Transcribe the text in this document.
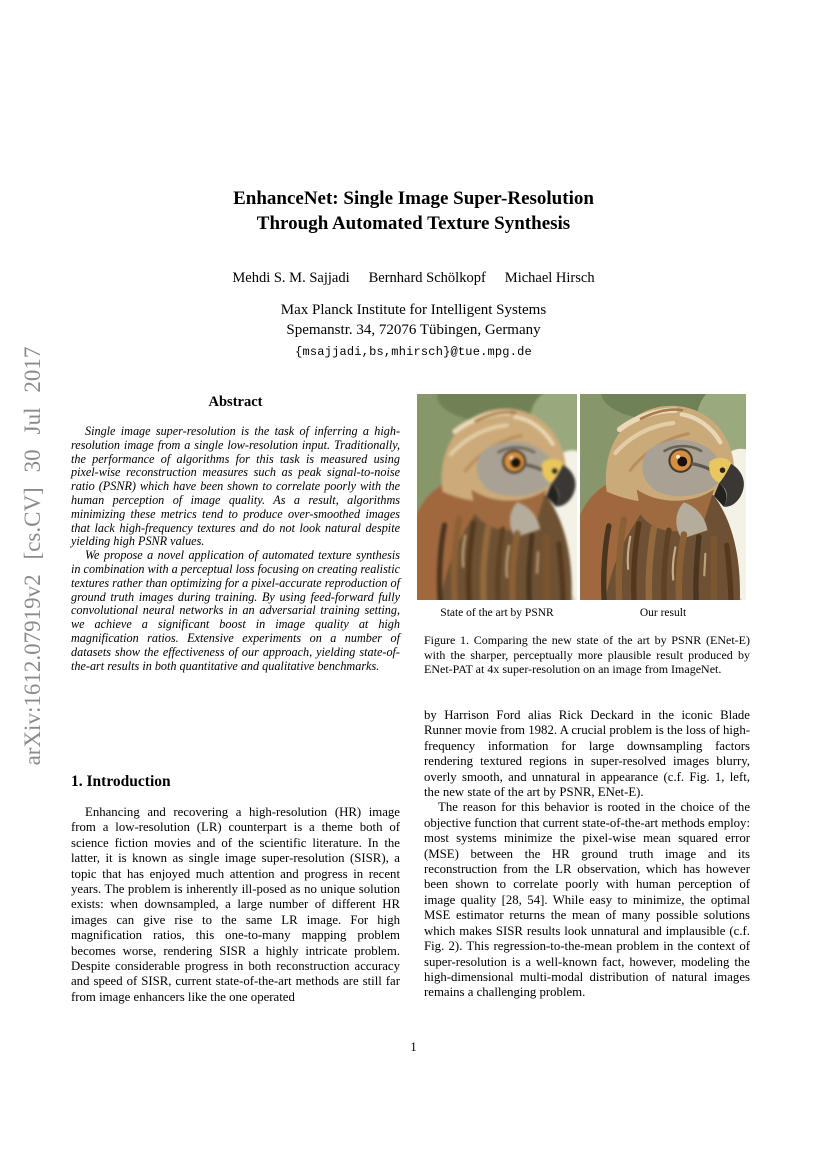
arXiv:1612.07919v2 [cs.CV] 30 Jul 2017
EnhanceNet: Single Image Super-Resolution
Through Automated Texture Synthesis
Mehdi S. M. Sajjadi Bernhard Schölkopf Michael Hirsch
Max Planck Institute for Intelligent Systems
Spemanstr. 34, 72076 Tübingen, Germany
{msajjadi,bs,mhirsch}@tue.mpg.de
Abstract

Single image super-resolution is the task of inferring a high-resolution image from a single low-resolution input. Traditionally, the performance of algorithms for this task is measured using pixel-wise reconstruction measures such as peak signal-to-noise ratio (PSNR) which have been shown to correlate poorly with the human perception of image quality. As a result, algorithms minimizing these metrics tend to produce over-smoothed images that lack high-frequency textures and do not look natural despite yielding high PSNR values.

We propose a novel application of automated texture synthesis in combination with a perceptual loss focusing on creating realistic textures rather than optimizing for a pixel-accurate reproduction of ground truth images during training. By using feed-forward fully convolutional neural networks in an adversarial training setting, we achieve a significant boost in image quality at high magnification ratios. Extensive experiments on a number of datasets show the effectiveness of our approach, yielding state-of-the-art results in both quantitative and qualitative benchmarks.

1. Introduction

Enhancing and recovering a high-resolution (HR) image from a low-resolution (LR) counterpart is a theme both of science fiction movies and of the scientific literature. In the latter, it is known as single image super-resolution (SISR), a topic that has enjoyed much attention and progress in recent years. The problem is inherently ill-posed as no unique solution exists: when downsampled, a large number of different HR images can give rise to the same LR image. For high magnification ratios, this one-to-many mapping problem becomes worse, rendering SISR a highly intricate problem. Despite considerable progress in both reconstruction accuracy and speed of SISR, current state-of-the-art methods are still far from image enhancers like the one operated

State of the art by PSNR	Our result
Figure 1. Comparing the new state of the art by PSNR (ENet-E) with the sharper, perceptually more plausible result produced by ENet-PAT at 4x super-resolution on an image from ImageNet.

by Harrison Ford alias Rick Deckard in the iconic Blade Runner movie from 1982. A crucial problem is the loss of high-frequency information for large downsampling factors rendering textured regions in super-resolved images blurry, overly smooth, and unnatural in appearance (c.f. Fig. 1, left, the new state of the art by PSNR, ENet-E).

The reason for this behavior is rooted in the choice of the objective function that current state-of-the-art methods employ: most systems minimize the pixel-wise mean squared error (MSE) between the HR ground truth image and its reconstruction from the LR observation, which has however been shown to correlate poorly with human perception of image quality [28, 54]. While easy to minimize, the optimal MSE estimator returns the mean of many possible solutions which makes SISR results look unnatural and implausible (c.f. Fig. 2). This regression-to-the-mean problem in the context of super-resolution is a well-known fact, however, modeling the high-dimensional multi-modal distribution of natural images remains a challenging problem.

1
